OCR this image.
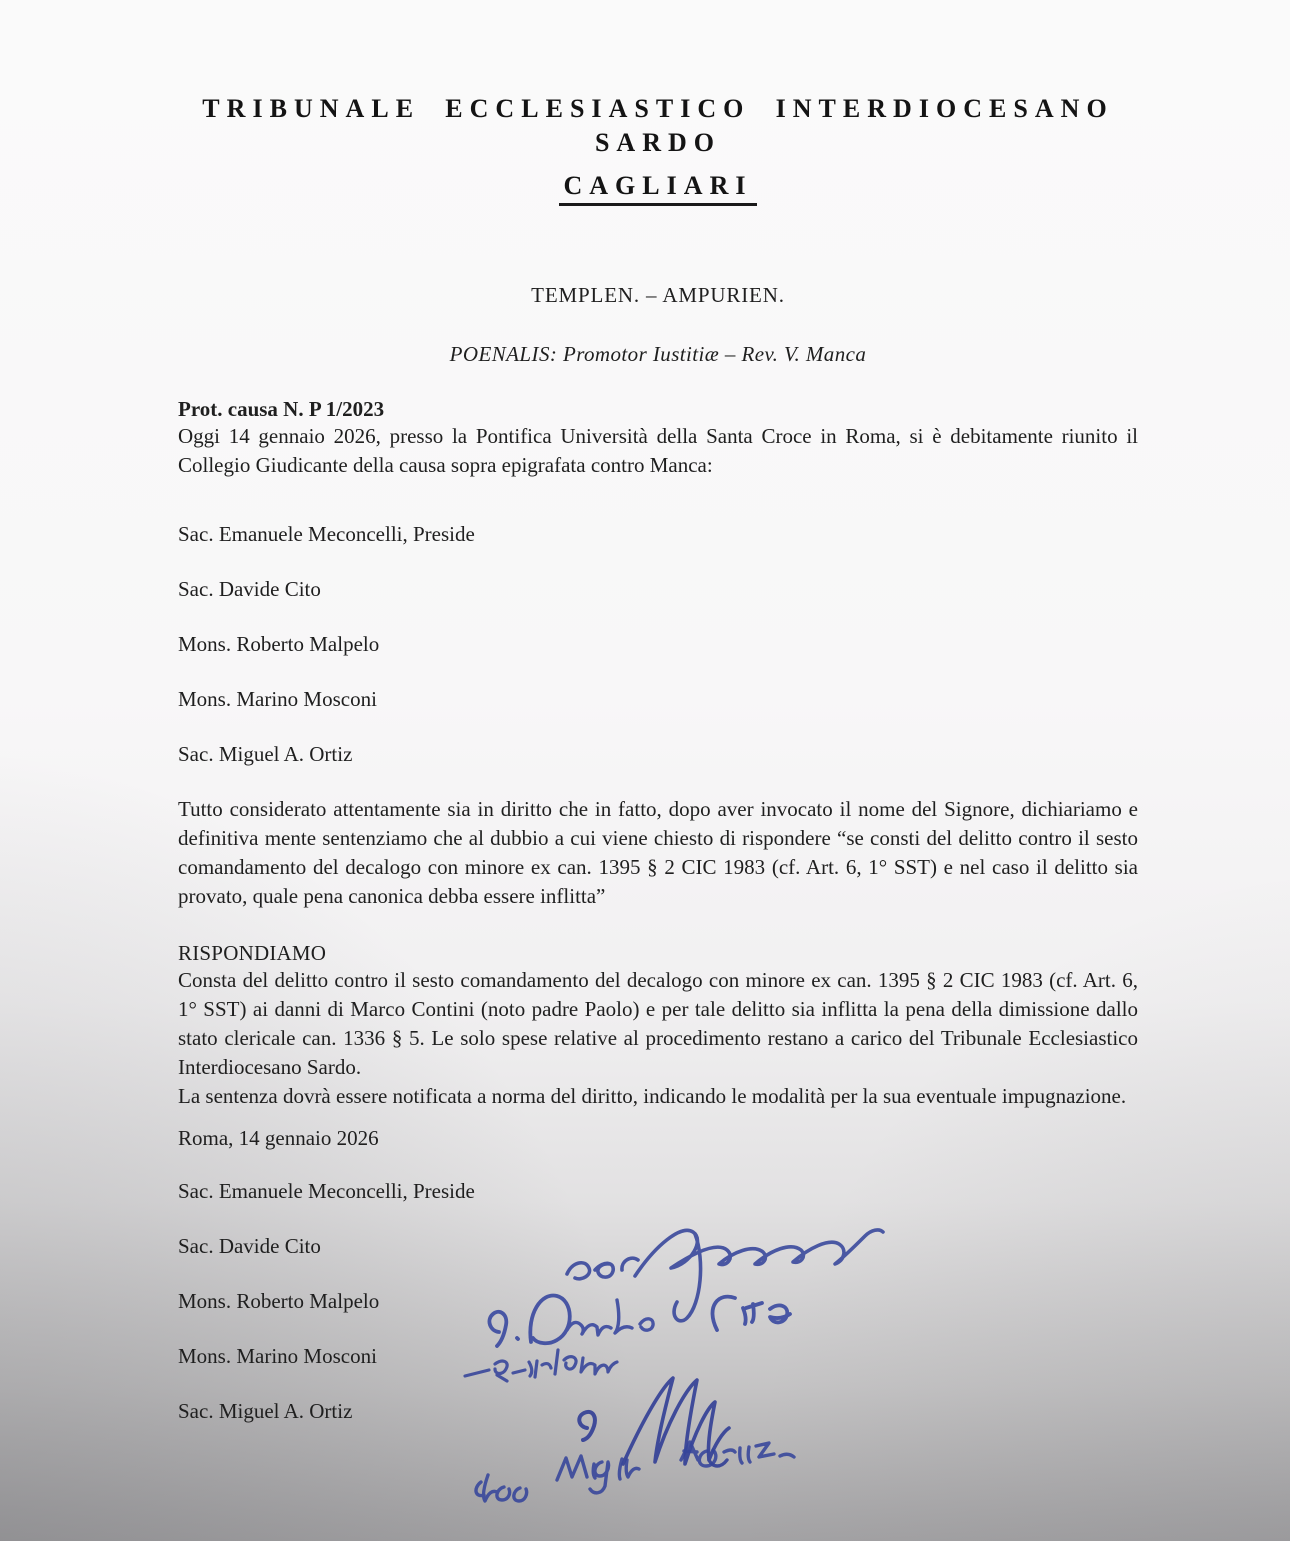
TRIBUNALE ECCLESIASTICO INTERDIOCESANO SARDO
CAGLIARI

TEMPLEN. – AMPURIEN.

POENALIS: Promotor Iustitiæ – Rev. V. Manca

Prot. causa N. P 1/2023

Oggi 14 gennaio 2026, presso la Pontifica Università della Santa Croce in Roma, si è debitamente riunito il Collegio Giudicante della causa sopra epigrafata contro Manca:

Sac. Emanuele Meconcelli, Preside
Sac. Davide Cito
Mons. Roberto Malpelo
Mons. Marino Mosconi
Sac. Miguel A. Ortiz

Tutto considerato attentamente sia in diritto che in fatto, dopo aver invocato il nome del Signore, dichiariamo e definitiva mente sentenziamo che al dubbio a cui viene chiesto di rispondere “se consti del delitto contro il sesto comandamento del decalogo con minore ex can. 1395 § 2 CIC 1983 (cf. Art. 6, 1° SST) e nel caso il delitto sia provato, quale pena canonica debba essere inflitta”

RISPONDIAMO

Consta del delitto contro il sesto comandamento del decalogo con minore ex can. 1395 § 2 CIC 1983 (cf. Art. 6, 1° SST) ai danni di Marco Contini (noto padre Paolo) e per tale delitto sia inflitta la pena della dimissione dallo stato clericale can. 1336 § 5. Le solo spese relative al procedimento restano a carico del Tribunale Ecclesiastico Interdiocesano Sardo.

La sentenza dovrà essere notificata a norma del diritto, indicando le modalità per la sua eventuale impugnazione.

Roma, 14 gennaio 2026

Sac. Emanuele Meconcelli, Preside
Sac. Davide Cito
Mons. Roberto Malpelo
Mons. Marino Mosconi
Sac. Miguel A. Ortiz
